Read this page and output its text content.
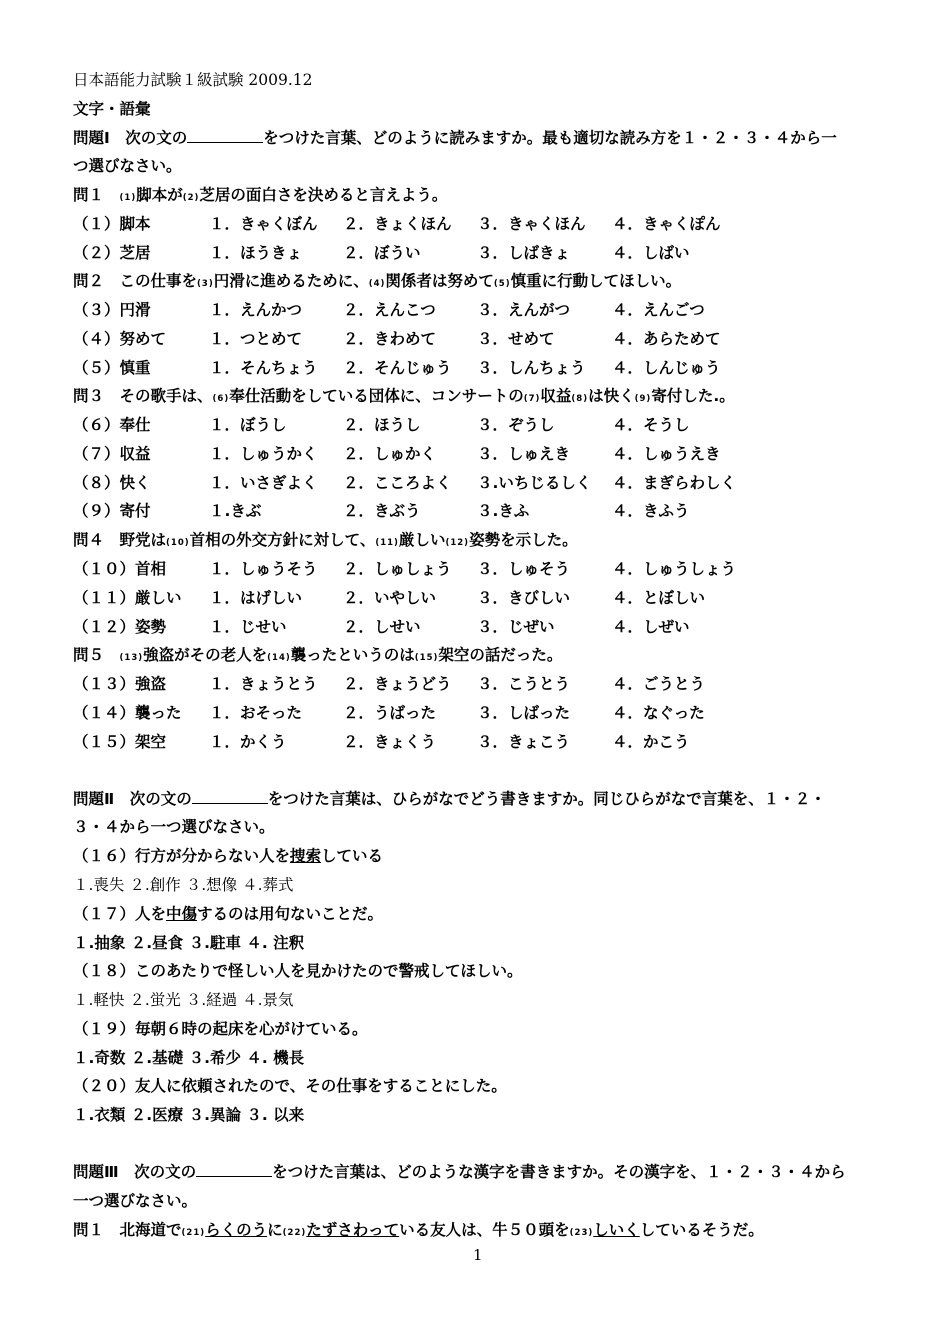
日本語能力試験１級試験 2009.12
文字・語彙
問題Ⅰ　次の文の	をつけた言葉、どのように読みますか。最も適切な読み方を１・２・３・４から一
つ選びなさい。
問１　(1)脚本が(2)芝居の面白さを決めると言えよう。
問２　この仕事を(3)円滑に進めるために、(4)関係者は努めて(5)慎重に行動してほしい。
問３　その歌手は、(6)奉仕活動をしている団体に、コンサートの(7)収益(8)は快く(9)寄付した.。
問４　野党は(10)首相の外交方針に対して、(11)厳しい(12)姿勢を示した。
問５　(13)強盗がその老人を(14)襲ったというのは(15)架空の話だった。
（１）脚本	１．きゃくぼん ２．きょくほん ３．きゃくほん ４．きゃくぽん
（２）芝居	１．ほうきょ	２．ぼうい	３．しばきょ	４．しばい
（３）円滑	１．えんかつ	２．えんこつ	３．えんがつ	４．えんごつ
（４）努めて	１．つとめて	２．きわめて	３．せめて	４．あらためて
（５）慎重	１．そんちょう ２．そんじゅう ３．しんちょう ４．しんじゅう
（６）奉仕	１．ぼうし	２．ほうし	３．ぞうし	４．そうし
（７）収益	１．しゅうかく ２．しゅかく	３．しゅえき	４．しゅうえき
（８）快く	１．いさぎよく ２．こころよく ３.いちじるしく ４．まぎらわしく
（９）寄付	１.きぶ	２．きぶう	３.きふ	４．きふう
（１０）首相	１．しゅうそう ２．しゅしょう ３．しゅそう	４．しゅうしょう
（１１）厳しい １．はげしい	２．いやしい	３．きびしい	４．とぼしい
（１２）姿勢	１．じせい	２．しせい	３．じぜい	４．しぜい
（１３）強盗	１．きょうとう ２．きょうどう ３．こうとう	４．ごうとう
（１４）襲った １．おそった	２．うばった	３．しばった	４．なぐった
（１５）架空	１．かくう	２．きょくう	３．きょこう	４．かこう
問題Ⅱ　次の文の	をつけた言葉は、ひらがなでどう書きますか。同じひらがなで言葉を、１・２・
３・４から一つ選びなさい。
（１６）行方が分からない人を捜索している
１.喪失 ２.創作 ３.想像 ４.葬式
（１７）人を中傷するのは用句ないことだ。
１.抽象 ２.昼食 ３.駐車 ４. 注釈
（１８）このあたりで怪しい人を見かけたので警戒してほしい。
１.軽快 ２.蛍光 ３.経過 ４.景気
（１９）毎朝６時の起床を心がけている。
１.奇数 ２.基礎 ３.希少 ４. 機長
（２０）友人に依頼されたので、その仕事をすることにした。
１.衣類 ２.医療 ３.異論 ３. 以来
問題Ⅲ　次の文の	をつけた言葉は、どのような漢字を書きますか。その漢字を、１・２・３・４から
一つ選びなさい。
問１　北海道で(21)らくのうに(22)たずさわっている友人は、牛５０頭を(23)しいくしているそうだ。
1
